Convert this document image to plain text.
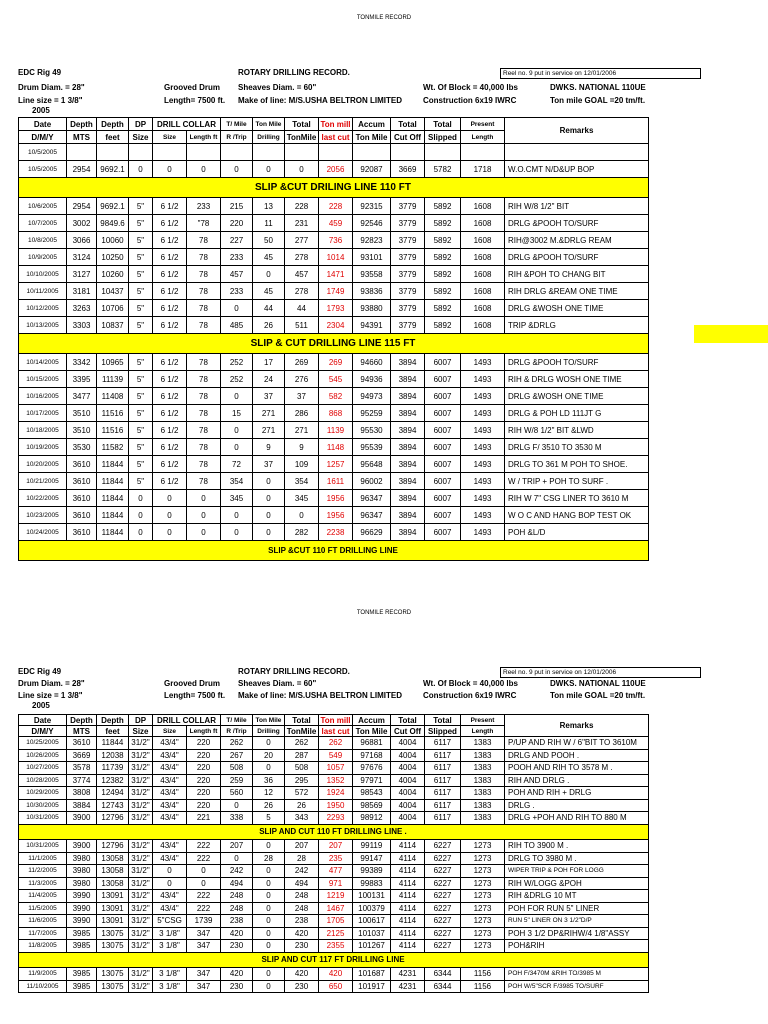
TONMILE RECORD
EDC Rig 49
Drum Diam. = 28"
Line size = 1 3/8"
2005
ROTARY DRILLING RECORD.
Grooved Drum Sheaves Diam. = 60"
Length= 7500 ft. Make of line: M/S.USHA BELTRON LIMITED	Construction 6x19 IWRC
Wt. Of Block = 40,000 lbs
Reel no. 9 put in service on 12/01/2006
DWKS. NATIONAL 110UE
Ton mile GOAL =20 tm/ft.
Date	Depth	Depth	DP	DRILL COLLAR		T/ Mile	Ton Mile	Total	Ton mill	Accum	Total	Total	Present	Remarks
D/M/Y	MTS	feet	Size	Size	Length ft	R /Trip	Drilling	TonMile	last cut	Ton Mile	Cut Off	Slipped	Length	
10/5/2005														
10/5/2005	2954	9692.1	0	0	0	0	0	0	2056	92087	3669	5782	1718	W.O.CMT N/D&UP BOP
SLIP &CUT DRILING LINE 110 FT														
10/6/2005	2954	9692.1	5"	6 1/2	233	215	13	228	228	92315	3779	5892	1608	RIH W/8 1/2" BIT
10/7/2005	3002	9849.6	5"	6 1/2	"78	220	11	231	459	92546	3779	5892	1608	DRLG &POOH TO/SURF
10/8/2005	3066	10060	5"	6 1/2	78	227	50	277	736	92823	3779	5892	1608	RIH@3002 M.&DRLG REAM
10/9/2005	3124	10250	5"	6 1/2	78	233	45	278	1014	93101	3779	5892	1608	DRLG &POOH TO/SURF
10/10/2005	3127	10260	5"	6 1/2	78	457	0	457	1471	93558	3779	5892	1608	RIH &POH TO CHANG BIT
10/11/2005	3181	10437	5"	6 1/2	78	233	45	278	1749	93836	3779	5892	1608	RIH DRLG &REAM ONE TIME
10/12/2005	3263	10706	5"	6 1/2	78	0	44	44	1793	93880	3779	5892	1608	DRLG &WOSH ONE TIME
10/13/2005	3303	10837	5"	6 1/2	78	485	26	511	2304	94391	3779	5892	1608	TRIP &DRLG
SLIP & CUT DRILLING LINE 115 FT														
10/14/2005	3342	10965	5"	6 1/2	78	252	17	269	269	94660	3894	6007	1493	DRLG &POOH TO/SURF
10/15/2005	3395	11139	5"	6 1/2	78	252	24	276	545	94936	3894	6007	1493	RIH & DRLG WOSH ONE TIME
10/16/2005	3477	11408	5"	6 1/2	78	0	37	37	582	94973	3894	6007	1493	DRLG &WOSH ONE TIME
10/17/2005	3510	11516	5"	6 1/2	78	15	271	286	868	95259	3894	6007	1493	DRLG & POH LD 111JT G
10/18/2005	3510	11516	5"	6 1/2	78	0	271	271	1139	95530	3894	6007	1493	RIH W/8 1/2" BIT &LWD
10/19/2005	3530	11582	5"	6 1/2	78	0	9	9	1148	95539	3894	6007	1493	DRLG F/ 3510 TO 3530 M
10/20/2005	3610	11844	5"	6 1/2	78	72	37	109	1257	95648	3894	6007	1493	DRLG TO 361 M POH TO SHOE.
10/21/2005	3610	11844	5"	6 1/2	78	354	0	354	1611	96002	3894	6007	1493	W / TRIP + POH TO SURF .
10/22/2005	3610	11844	0	0	0	345	0	345	1956	96347	3894	6007	1493	RIH W 7" CSG LINER TO 3610 M
10/23/2005	3610	11844	0	0	0	0	0	0	1956	96347	3894	6007	1493	W O C AND HANG BOP TEST OK
10/24/2005	3610	11844	0	0	0	0	0	282	2238	96629	3894	6007	1493	POH &L/D
SLIP &CUT 110 FT DRILLING LINE														
TONMILE RECORD
EDC Rig 49
Drum Diam. = 28"
Line size = 1 3/8"
2005
ROTARY DRILLING RECORD.
Grooved Drum Sheaves Diam. = 60"
Length= 7500 ft. Make of line: M/S.USHA BELTRON LIMITED	Construction 6x19 IWRC
Wt. Of Block = 40,000 lbs
Reel no. 9 put in service on 12/01/2006
DWKS. NATIONAL 110UE
Ton mile GOAL =20 tm/ft.
Date	Depth	Depth	DP	DRILL COLLAR		T/ Mile	Ton Mile	Total	Ton mill	Accum	Total	Total	Present	Remarks
D/M/Y	MTS	feet	Size	Size	Length ft	R /Trip	Drilling	TonMile	last cut	Ton Mile	Cut Off	Slipped	Length	
10/25/2005	3610	11844	31/2"	43/4"	220	262	0	262	262	96881	4004	6117	1383	P/UP AND RIH W / 6"BIT TO 3610M
10/26/2005	3669	12038	31/2"	43/4"	220	267	20	287	549	97168	4004	6117	1383	DRLG AND POOH .
10/27/2005	3578	11739	31/2"	43/4"	220	508	0	508	1057	97676	4004	6117	1383	POOH AND RIH TO 3578 M .
10/28/2005	3774	12382	31/2"	43/4"	220	259	36	295	1352	97971	4004	6117	1383	RIH AND DRLG .
10/29/2005	3808	12494	31/2"	43/4"	220	560	12	572	1924	98543	4004	6117	1383	POH AND RIH + DRLG
10/30/2005	3884	12743	31/2"	43/4"	220	0	26	26	1950	98569	4004	6117	1383	DRLG .
10/31/2005	3900	12796	31/2"	43/4"	221	338	5	343	2293	98912	4004	6117	1383	DRLG +POH AND RIH TO 880 M
SLIP AND CUT 110 FT DRILLING LINE .														
10/31/2005	3900	12796	31/2"	43/4"	222	207	0	207	207	99119	4114	6227	1273	RIH TO 3900 M .
11/1/2005	3980	13058	31/2"	43/4"	222	0	28	28	235	99147	4114	6227	1273	DRLG TO 3980 M .
11/2/2005	3980	13058	31/2"	0	0	242	0	242	477	99389	4114	6227	1273	WIPER TRIP & POH FOR LOGG
11/3/2005	3980	13058	31/2"	0	0	494	0	494	971	99883	4114	6227	1273	RIH W/LOGG &POH
11/4/2005	3990	13091	31/2"	43/4"	222	248	0	248	1219	100131	4114	6227	1273	RIH &DRLG 10 MT
11/5/2005	3990	13091	31/2"	43/4"	222	248	0	248	1467	100379	4114	6227	1273	POH FOR RUN 5" LINER
11/6/2005	3990	13091	31/2"	5"CSG	1739	238	0	238	1705	100617	4114	6227	1273	RUN 5" LINER ON 3 1/2"D/P
11/7/2005	3985	13075	31/2"	3 1/8"	347	420	0	420	2125	101037	4114	6227	1273	POH 3 1/2 DP&RIHW/4 1/8"ASSY
11/8/2005	3985	13075	31/2"	3 1/8"	347	230	0	230	2355	101267	4114	6227	1273	POH&RIH
SLIP AND CUT 117 FT DRILLING LINE														
11/9/2005	3985	13075	31/2"	3 1/8"	347	420	0	420	420	101687	4231	6344	1156	POH F/3470M &RIH TO/3985 M
11/10/2005	3985	13075	31/2"	3 1/8"	347	230	0	230	650	101917	4231	6344	1156	POH W/5"SCR F/3985 TO/SURF
